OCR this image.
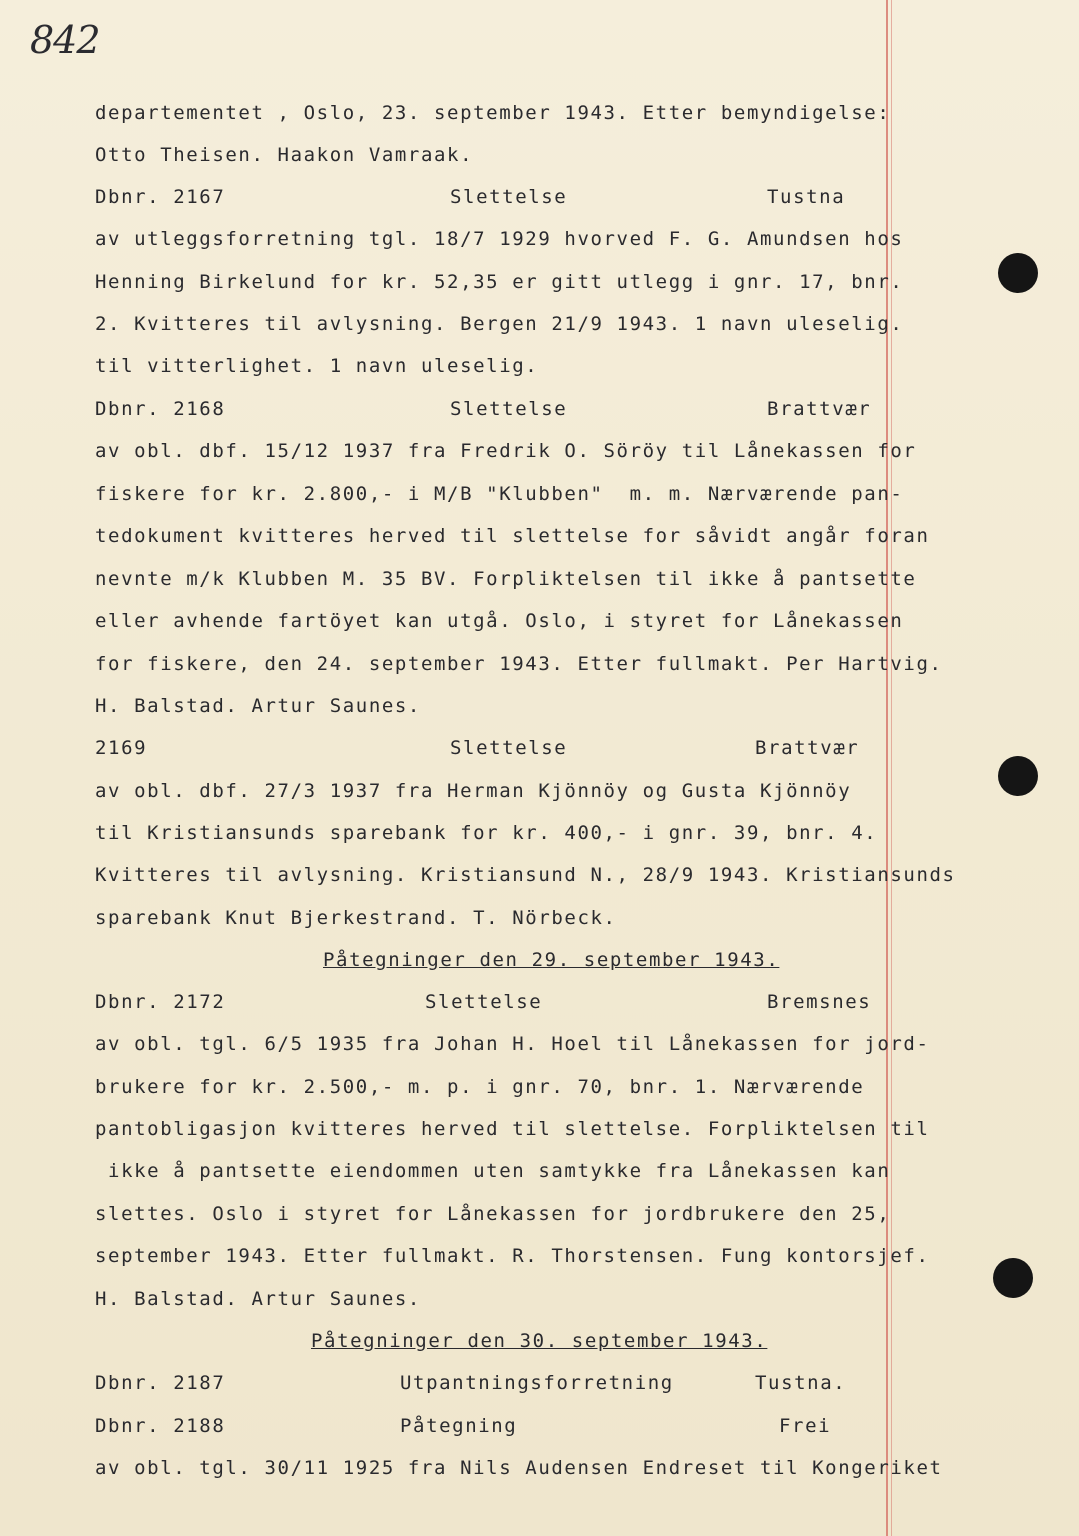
842
departementet , Oslo, 23. september 1943. Etter bemyndigelse:
Otto Theisen. Haakon Vamraak.
Dbnr. 2167	Slettelse	Tustna
av utleggsforretning tgl. 18/7 1929 hvorved F. G. Amundsen hos
Henning Birkelund for kr. 52,35 er gitt utlegg i gnr. 17, bnr.
2. Kvitteres til avlysning. Bergen 21/9 1943. 1 navn uleselig.
til vitterlighet. 1 navn uleselig.
Dbnr. 2168	Slettelse	Brattvær
av obl. dbf. 15/12 1937 fra Fredrik O. Söröy til Lånekassen for
fiskere for kr. 2.800,- i M/B "Klubben"  m. m. Nærværende pan-
tedokument kvitteres herved til slettelse for såvidt angår foran
nevnte m/k Klubben M. 35 BV. Forpliktelsen til ikke å pantsette
eller avhende fartöyet kan utgå. Oslo, i styret for Lånekassen
for fiskere, den 24. september 1943. Etter fullmakt. Per Hartvig.
H. Balstad. Artur Saunes.
2169	Slettelse	Brattvær
av obl. dbf. 27/3 1937 fra Herman Kjönnöy og Gusta Kjönnöy
til Kristiansunds sparebank for kr. 400,- i gnr. 39, bnr. 4.
Kvitteres til avlysning. Kristiansund N., 28/9 1943. Kristiansunds
sparebank Knut Bjerkestrand. T. Nörbeck.
Påtegninger den 29. september 1943.
Dbnr. 2172	Slettelse	Bremsnes
av obl. tgl. 6/5 1935 fra Johan H. Hoel til Lånekassen for jord-
brukere for kr. 2.500,- m. p. i gnr. 70, bnr. 1. Nærværende
pantobligasjon kvitteres herved til slettelse. Forpliktelsen til
ikke å pantsette eiendommen uten samtykke fra Lånekassen kan
slettes. Oslo i styret for Lånekassen for jordbrukere den 25,
september 1943. Etter fullmakt. R. Thorstensen. Fung kontorsjef.
H. Balstad. Artur Saunes.
Påtegninger den 30. september 1943.
Dbnr. 2187	Utpantningsforretning	Tustna.
Dbnr. 2188	Påtegning	Frei
av obl. tgl. 30/11 1925 fra Nils Audensen Endreset til Kongeriket
